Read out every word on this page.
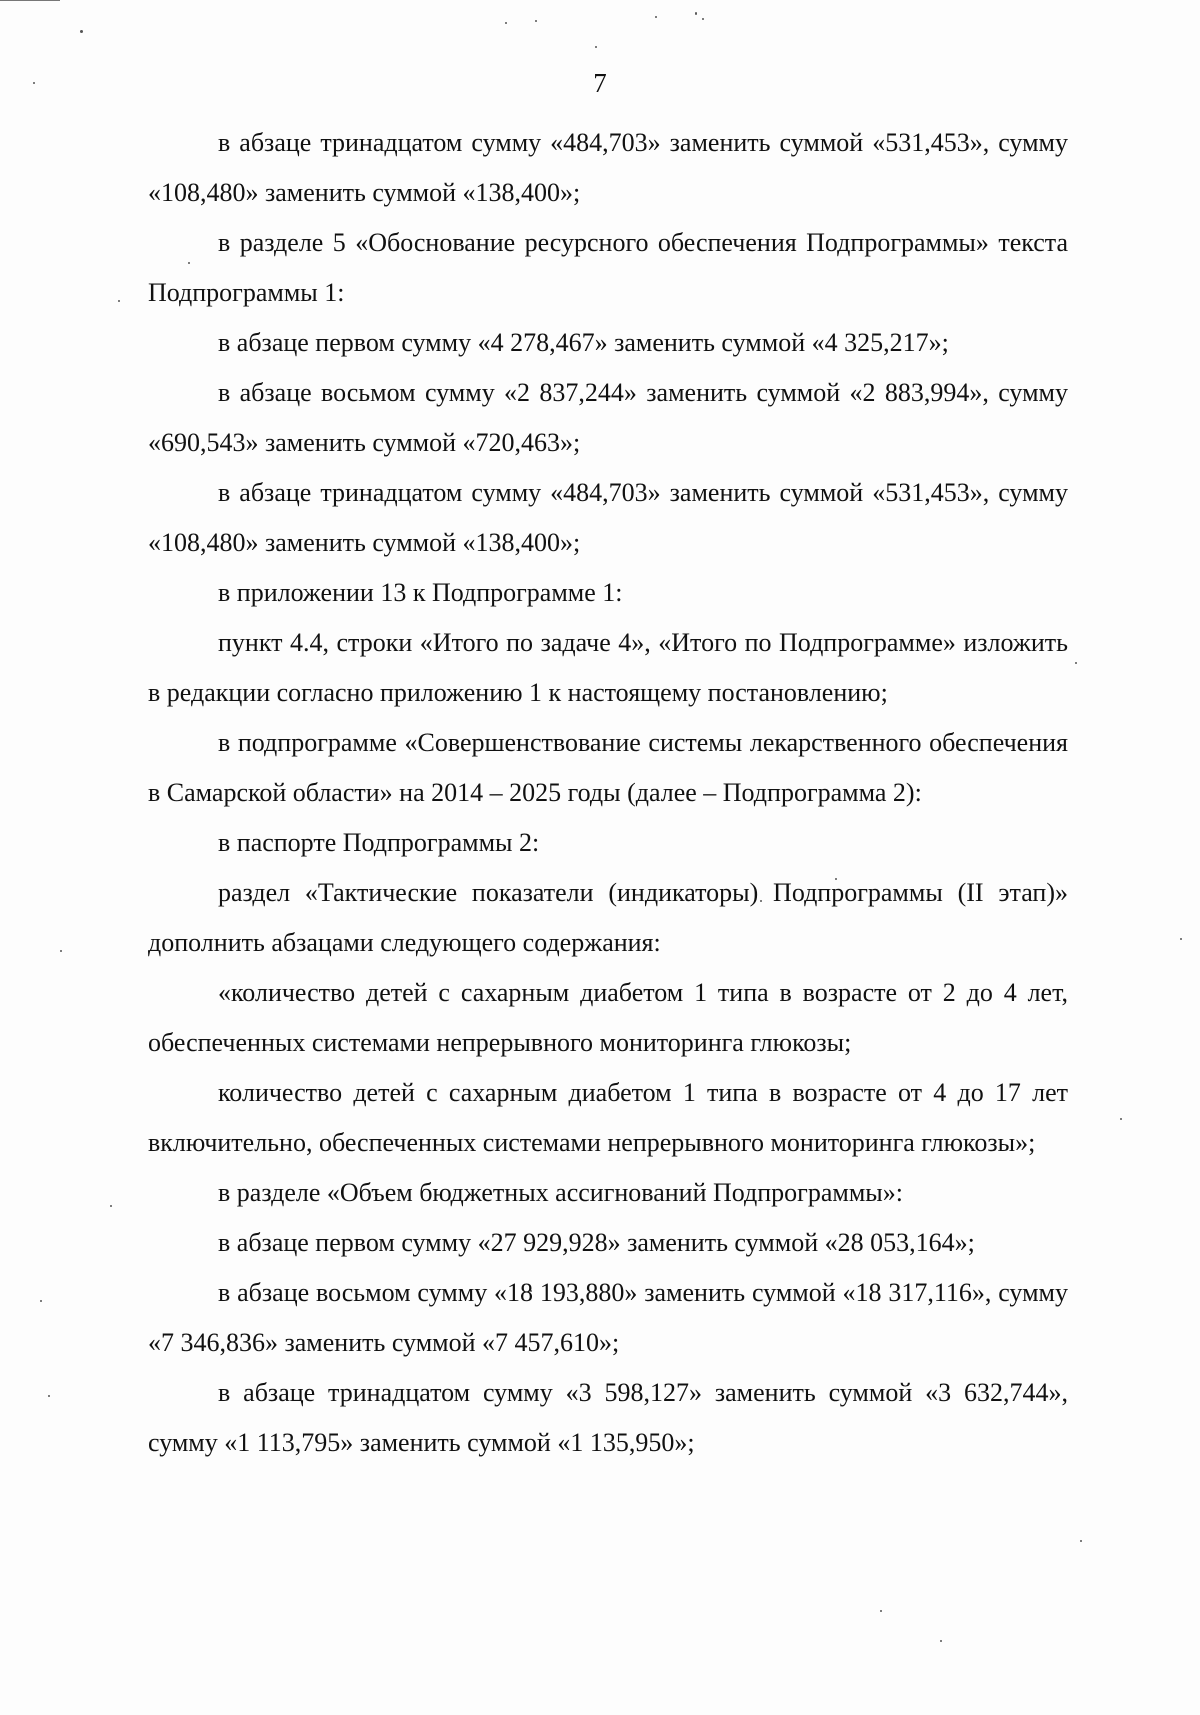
7

в абзаце тринадцатом сумму «484,703» заменить суммой «531,453», сумму «108,480» заменить суммой «138,400»;

в разделе 5 «Обоснование ресурсного обеспечения Подпрограммы» текста Подпрограммы 1:

в абзаце первом сумму «4 278,467» заменить суммой «4 325,217»;

в абзаце восьмом сумму «2 837,244» заменить суммой «2 883,994», сумму «690,543» заменить суммой «720,463»;

в абзаце тринадцатом сумму «484,703» заменить суммой «531,453», сумму «108,480» заменить суммой «138,400»;

в приложении 13 к Подпрограмме 1:

пункт 4.4, строки «Итого по задаче 4», «Итого по Подпрограмме» изложить в редакции согласно приложению 1 к настоящему постановлению;

в подпрограмме «Совершенствование системы лекарственного обеспечения в Самарской области» на 2014 – 2025 годы (далее – Подпрограмма 2):

в паспорте Подпрограммы 2:

раздел «Тактические показатели (индикаторы) Подпрограммы (II этап)» дополнить абзацами следующего содержания:

«количество детей с сахарным диабетом 1 типа в возрасте от 2 до 4 лет, обеспеченных системами непрерывного мониторинга глюкозы;

количество детей с сахарным диабетом 1 типа в возрасте от 4 до 17 лет включительно, обеспеченных системами непрерывного мониторинга глюкозы»;

в разделе «Объем бюджетных ассигнований Подпрограммы»:

в абзаце первом сумму «27 929,928» заменить суммой «28 053,164»;

в абзаце восьмом сумму «18 193,880» заменить суммой «18 317,116», сумму «7 346,836» заменить суммой «7 457,610»;

в абзаце тринадцатом сумму «3 598,127» заменить суммой «3 632,744», сумму «1 113,795» заменить суммой «1 135,950»;
